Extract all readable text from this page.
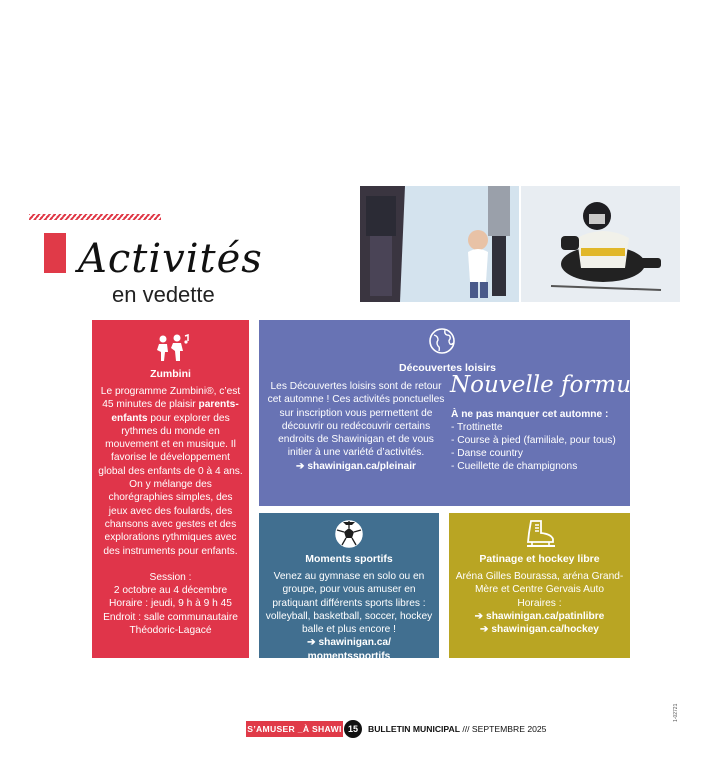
Activités
en vedette
Zumbini
Le programme Zumbini®, c’est 45 minutes de plaisir parents-enfants pour explorer des rythmes du monde en mouvement et en musique. Il favorise le développement global des enfants de 0 à 4 ans. On y mélange des chorégraphies simples, des jeux avec des foulards, des chansons avec gestes et des explorations rythmiques avec des instruments pour enfants.
Session :
2 octobre au 4 décembre
Horaire : jeudi, 9 h à 9 h 45
Endroit : salle communautaire Théodoric-Lagacé
Découvertes loisirs
Les Découvertes loisirs sont de retour cet automne ! Ces activités ponctuelles sur inscription vous permettent de découvrir ou redécouvrir certains endroits de Shawinigan et de vous initier à une variété d’activités.
➔ shawinigan.ca/pleinair
Nouvelle formule!
À ne pas manquer cet automne :
- Trottinette
- Course à pied (familiale, pour tous)
- Danse country
- Cueillette de champignons
Moments sportifs
Venez au gymnase en solo ou en groupe, pour vous amuser en pratiquant différents sports libres : volleyball, basketball, soccer, hockey balle et plus encore !
➔ shawinigan.ca/
momentssportifs
Patinage et hockey libre
Aréna Gilles Bourassa, aréna Grand-Mère et Centre Gervais Auto
Horaires :
➔ shawinigan.ca/patinlibre
➔ shawinigan.ca/hockey
S’AMUSER _À SHAWI 15	BULLETIN MUNICIPAL /// SEPTEMBRE 2025
1-02721
